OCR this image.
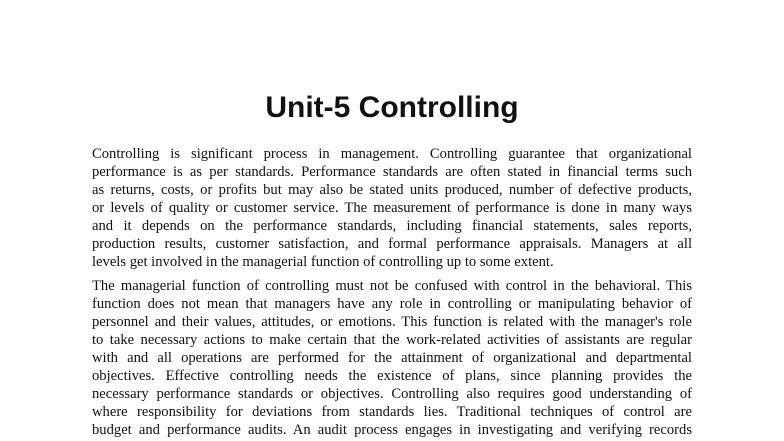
Unit-5 Controlling
Controlling is significant process in management. Controlling guarantee that organizational
performance is as per standards. Performance standards are often stated in financial terms such
as returns, costs, or profits but may also be stated units produced, number of defective products,
or levels of quality or customer service. The measurement of performance is done in many ways
and it depends on the performance standards, including financial statements, sales reports,
production results, customer satisfaction, and formal performance appraisals. Managers at all
levels get involved in the managerial function of controlling up to some extent.
The managerial function of controlling must not be confused with control in the behavioral. This
function does not mean that managers have any role in controlling or manipulating behavior of
personnel and their values, attitudes, or emotions. This function is related with the manager's role
to take necessary actions to make certain that the work-related activities of assistants are regular
with and all operations are performed for the attainment of organizational and departmental
objectives. Effective controlling needs the existence of plans, since planning provides the
necessary performance standards or objectives. Controlling also requires good understanding of
where responsibility for deviations from standards lies. Traditional techniques of control are
budget and performance audits. An audit process engages in investigating and verifying records
